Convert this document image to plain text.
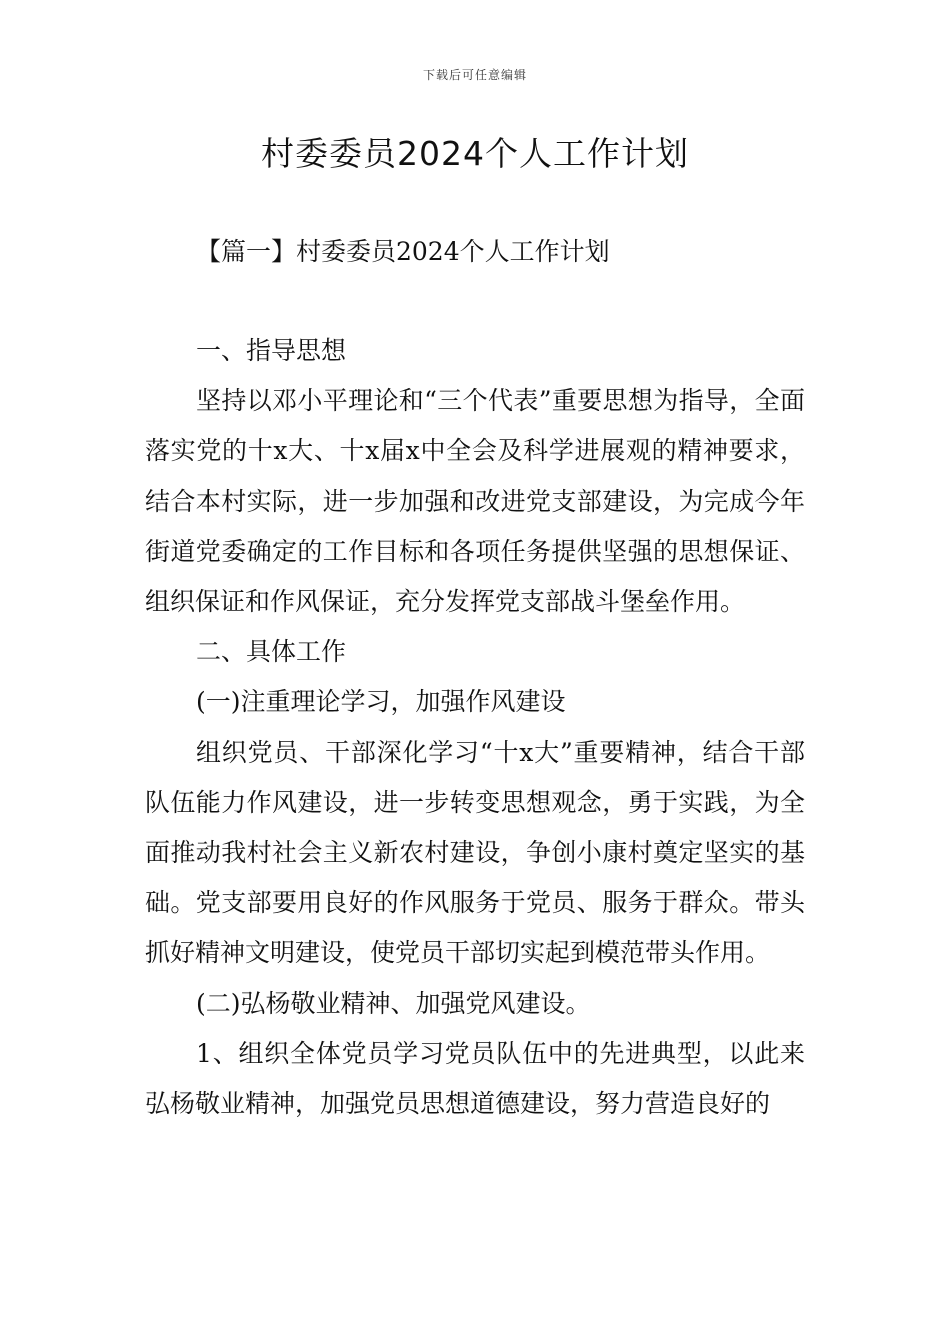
下载后可任意编辑
村委委员2024个人工作计划
【篇一】村委委员2024个人工作计划

一、指导思想

坚持以邓小平理论和“三个代表”重要思想为指导，全面落实党的十x大、十x届x中全会及科学进展观的精神要求，结合本村实际，进一步加强和改进党支部建设，为完成今年街道党委确定的工作目标和各项任务提供坚强的思想保证、组织保证和作风保证，充分发挥党支部战斗堡垒作用。

二、具体工作

(一)注重理论学习，加强作风建设

组织党员、干部深化学习“十x大”重要精神，结合干部队伍能力作风建设，进一步转变思想观念，勇于实践，为全面推动我村社会主义新农村建设，争创小康村奠定坚实的基础。党支部要用良好的作风服务于党员、服务于群众。带头抓好精神文明建设，使党员干部切实起到模范带头作用。

(二)弘杨敬业精神、加强党风建设。

1、组织全体党员学习党员队伍中的先进典型，以此来弘杨敬业精神，加强党员思想道德建设，努力营造良好的
